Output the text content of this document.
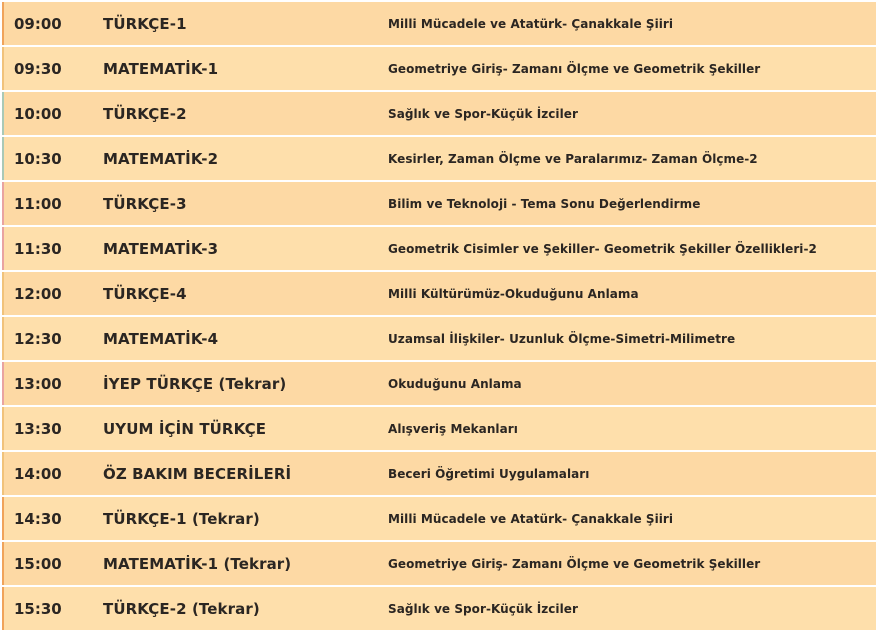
09:00	TÜRKÇE-1	Milli Mücadele ve Atatürk- Çanakkale Şiiri
09:30	MATEMATİK-1	Geometriye Giriş- Zamanı Ölçme ve Geometrik Şekiller
10:00	TÜRKÇE-2	Sağlık ve Spor-Küçük İzciler
10:30	MATEMATİK-2	Kesirler, Zaman Ölçme ve Paralarımız- Zaman Ölçme-2
11:00	TÜRKÇE-3	Bilim ve Teknoloji - Tema Sonu Değerlendirme
11:30	MATEMATİK-3	Geometrik Cisimler ve Şekiller- Geometrik Şekiller Özellikleri-2
12:00	TÜRKÇE-4	Milli Kültürümüz-Okuduğunu Anlama
12:30	MATEMATİK-4	Uzamsal İlişkiler- Uzunluk Ölçme-Simetri-Milimetre
13:00	İYEP TÜRKÇE (Tekrar)	Okuduğunu Anlama
13:30	UYUM İÇİN TÜRKÇE	Alışveriş Mekanları
14:00	ÖZ BAKIM BECERİLERİ	Beceri Öğretimi Uygulamaları
14:30	TÜRKÇE-1 (Tekrar)	Milli Mücadele ve Atatürk- Çanakkale Şiiri
15:00	MATEMATİK-1 (Tekrar)	Geometriye Giriş- Zamanı Ölçme ve Geometrik Şekiller
15:30	TÜRKÇE-2 (Tekrar)	Sağlık ve Spor-Küçük İzciler
